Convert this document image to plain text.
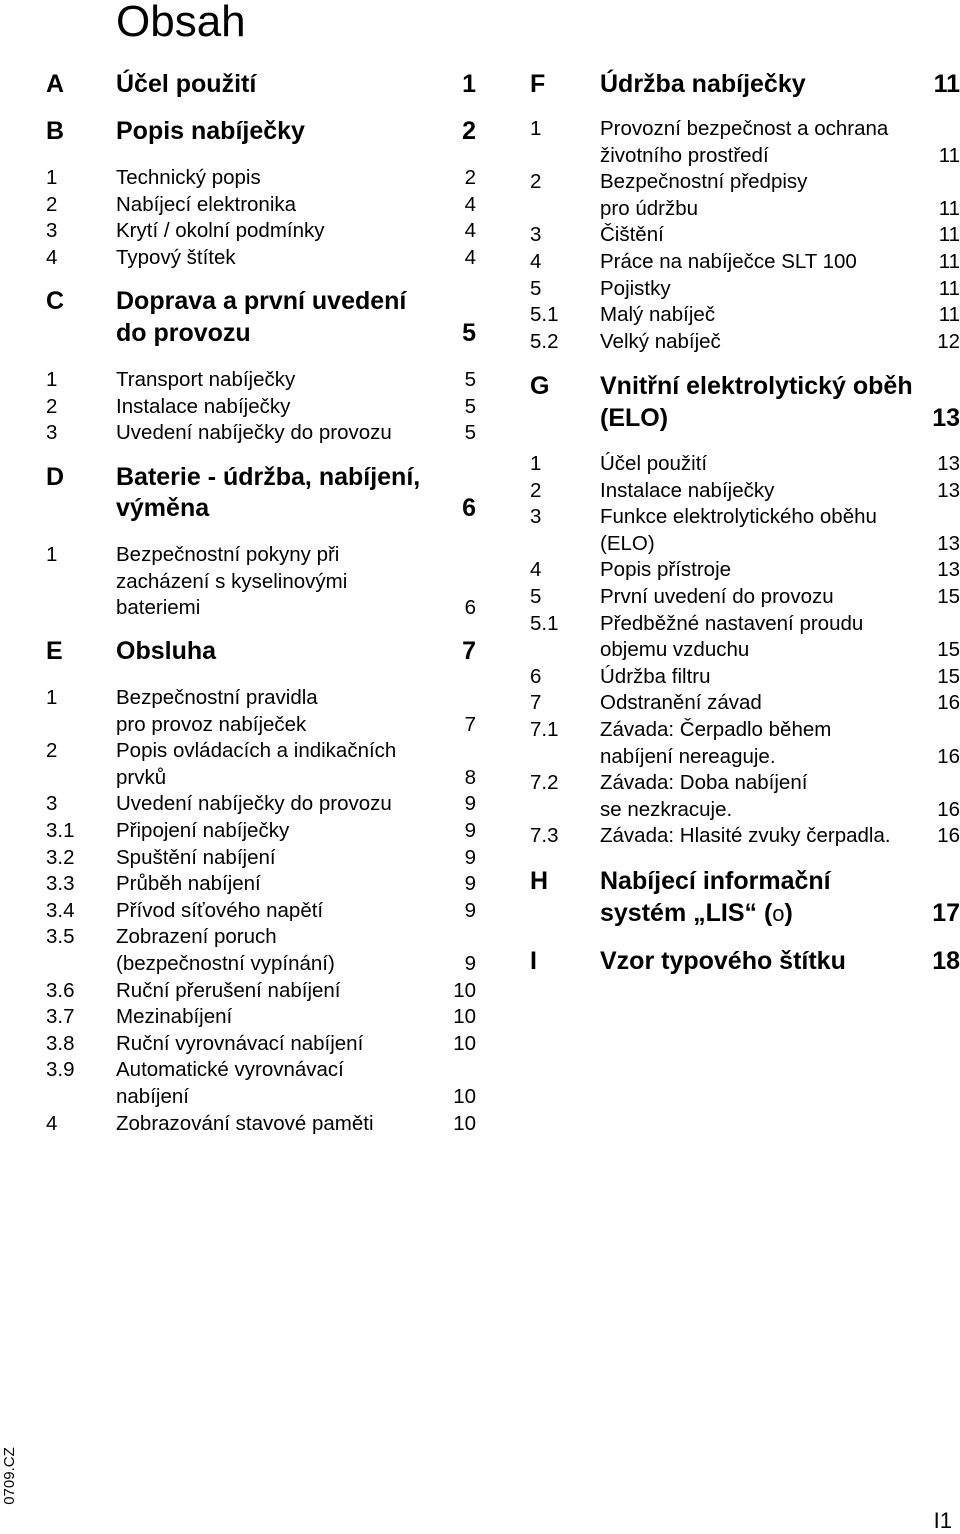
Obsah
A Účel použití	1
B Popis nabíječky	2
1	Technický popis	2
2	Nabíjecí elektronika	4
3	Krytí / okolní podmínky	4
4	Typový štítek	4
C Doprava a první uvedení
do provozu	5
1	Transport nabíječky	5
2	Instalace nabíječky	5
3	Uvedení nabíječky do provozu	5
D Baterie - údržba, nabíjení,
výměna	6
1	Bezpečnostní pokyny při
zacházení s kyselinovými
bateriemi	6
E Obsluha	7
1	Bezpečnostní pravidla
pro provoz nabíječek	7
2	Popis ovládacích a indikačních
prvků	8
3	Uvedení nabíječky do provozu	9
3.1 Připojení nabíječky	9
3.2 Spuštění nabíjení	9
3.3 Průběh nabíjení	9
3.4 Přívod síťového napětí	9
3.5 Zobrazení poruch
(bezpečnostní vypínání)	9
3.6 Ruční přerušení nabíjení	10
3.7 Mezinabíjení	10
3.8 Ruční vyrovnávací nabíjení	10
3.9 Automatické vyrovnávací
nabíjení	10
4	Zobrazování stavové paměti	10
F Údržba nabíječky	11
1	Provozní bezpečnost a ochrana
životního prostředí	11
2	Bezpečnostní předpisy
pro údržbu	11
3	Čištění	11
4	Práce na nabíječce SLT 100	11
5	Pojistky	11
5.1 Malý nabíječ	11
5.2 Velký nabíječ	12
G Vnitřní elektrolytický oběh
(ELO)	13
1	Účel použití	13
2	Instalace nabíječky	13
3	Funkce elektrolytického oběhu
(ELO)	13
4	Popis přístroje	13
5	První uvedení do provozu	15
5.1 Předběžné nastavení proudu
objemu vzduchu	15
6	Údržba filtru	15
7	Odstranění závad	16
7.1 Závada: Čerpadlo během
nabíjení nereaguje.	16
7.2 Závada: Doba nabíjení
se nezkracuje.	16
7.3 Závada: Hlasité zvuky čerpadla. 16
H Nabíjecí informační
systém „LIS“ (o)	17
I	Vzor typového štítku	18
0709.CZ
I1
